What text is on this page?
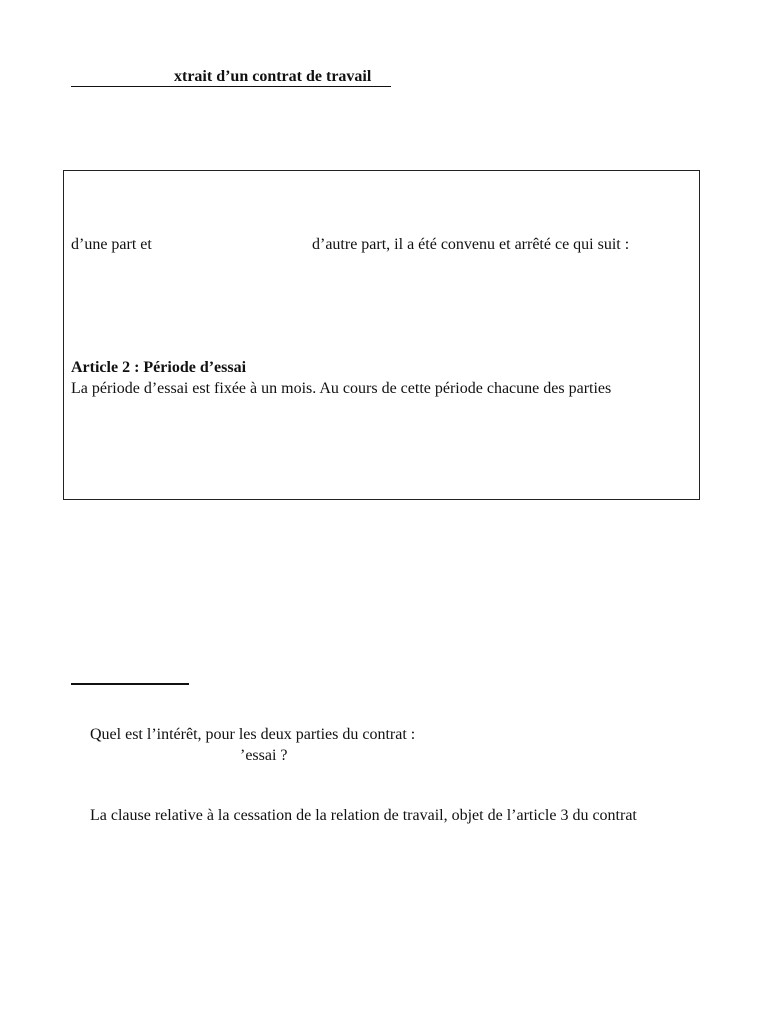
xtrait d’un contrat de travail
d’une part et	d’autre part, il a été convenu et arrêté ce qui suit :
Article 2 : Période d’essai
La période d’essai est fixée à un mois. Au cours de cette période chacune des parties
Quel est l’intérêt, pour les deux parties du contrat :
’essai ?
La clause relative à la cessation de la relation de travail, objet de l’article 3 du contrat
